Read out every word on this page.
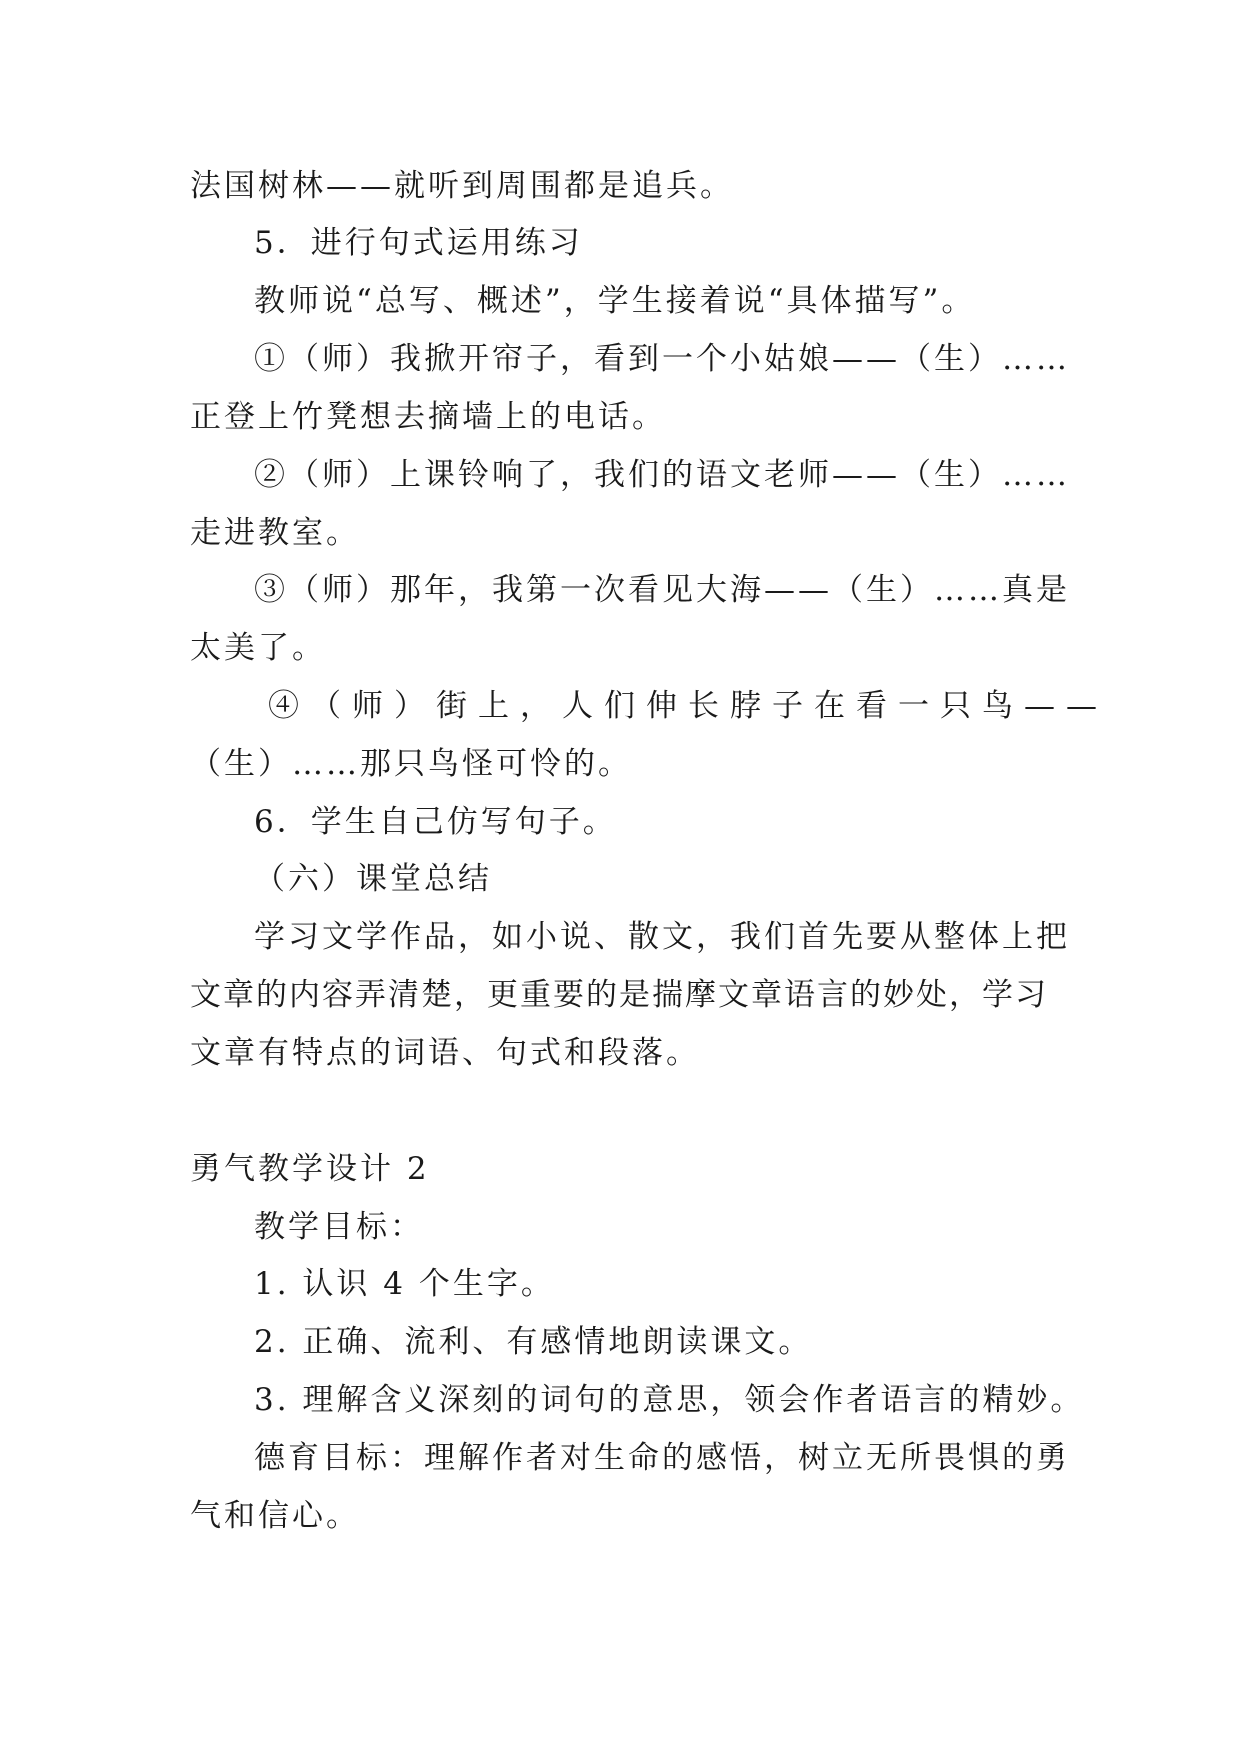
法国树林——就听到周围都是追兵。
5．进行句式运用练习
教师说“总写、概述”，学生接着说“具体描写”。
①（师）我掀开帘子，看到一个小姑娘——（生）……
正登上竹凳想去摘墙上的电话。
②（师）上课铃响了，我们的语文老师——（生）……
走进教室。
③（师）那年，我第一次看见大海——（生）……真是
太美了。
④（师）街上，人们伸长脖子在看一只鸟——
（生）……那只鸟怪可怜的。
6．学生自己仿写句子。
（六）课堂总结
学习文学作品，如小说、散文，我们首先要从整体上把
文章的内容弄清楚，更重要的是揣摩文章语言的妙处，学习
文章有特点的词语、句式和段落。
勇气教学设计 2
教学目标：
1. 认识 4 个生字。
2. 正确、流利、有感情地朗读课文。
3. 理解含义深刻的词句的意思，领会作者语言的精妙。
德育目标：理解作者对生命的感悟，树立无所畏惧的勇
气和信心。
